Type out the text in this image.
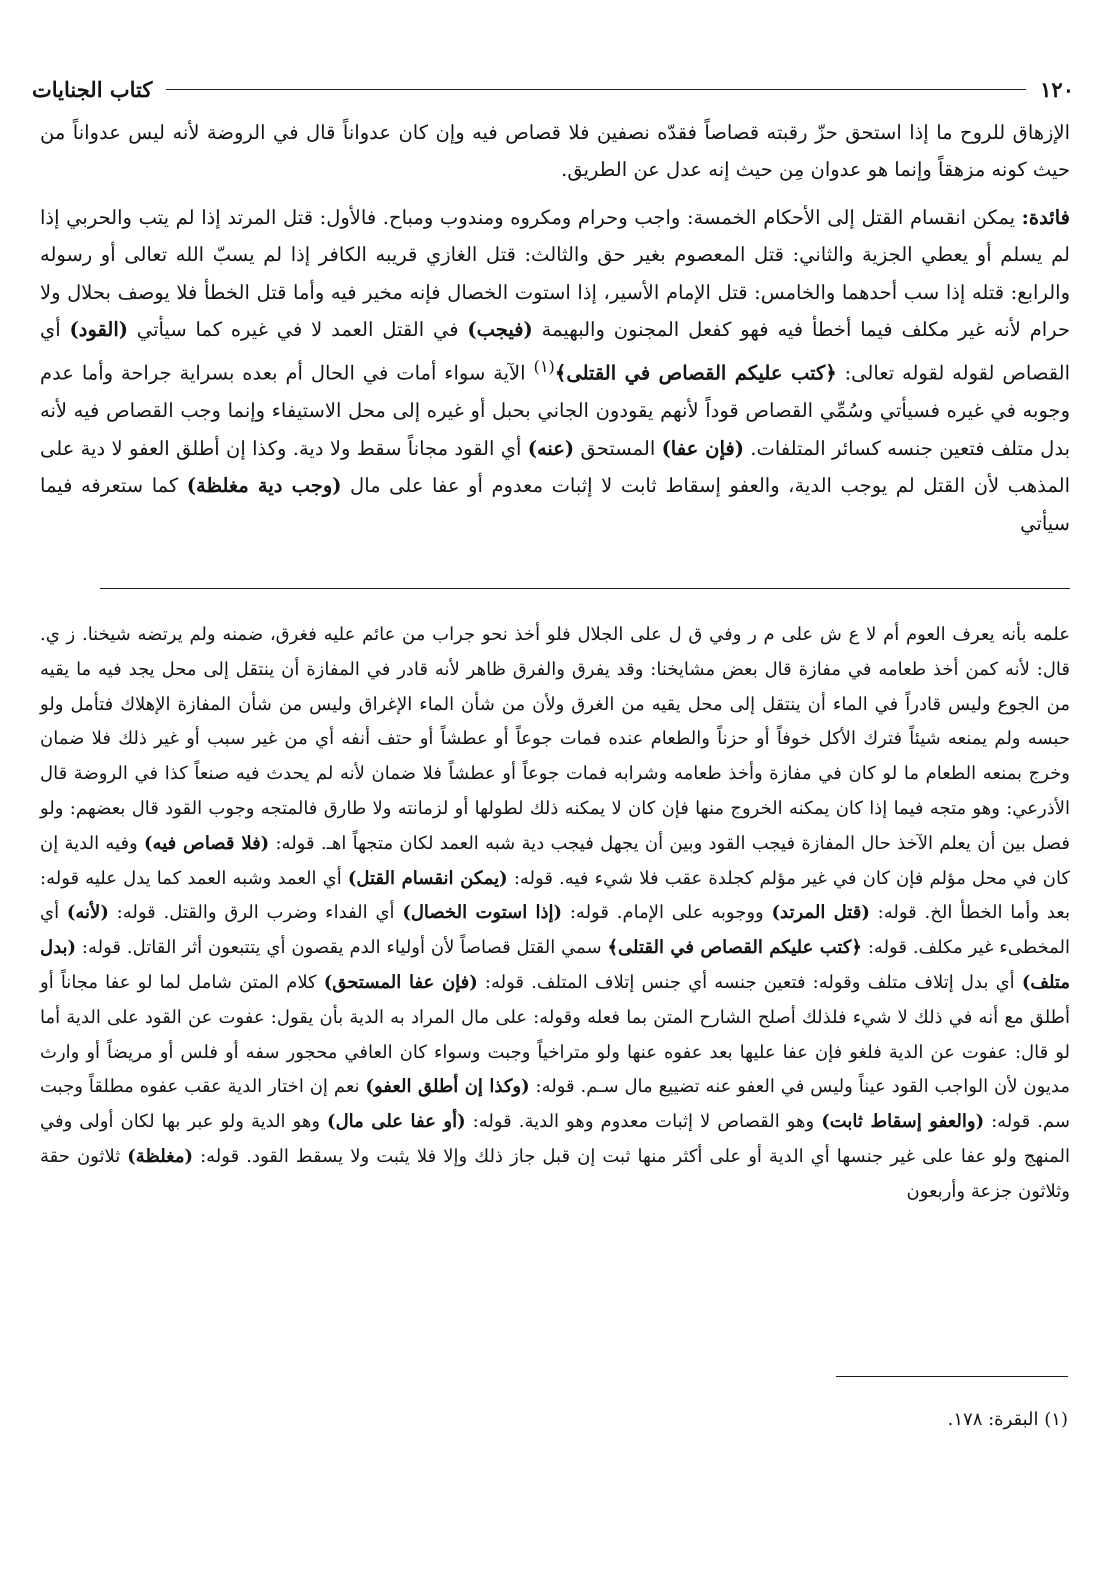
١٢٠
كتاب الجنايات

الإزهاق للروح ما إذا استحق حزّ رقبته قصاصاً فقدّه نصفين فلا قصاص فيه وإن كان عدواناً قال في الروضة لأنه ليس عدواناً من حيث كونه مزهقاً وإنما هو عدوان مِن حيث إنه عدل عن الطريق.

فائدة: يمكن انقسام القتل إلى الأحكام الخمسة: واجب وحرام ومكروه ومندوب ومباح. فالأول: قتل المرتد إذا لم يتب والحربي إذا لم يسلم أو يعطي الجزية والثاني: قتل المعصوم بغير حق والثالث: قتل الغازي قريبه الكافر إذا لم يسبّ الله تعالى أو رسوله والرابع: قتله إذا سب أحدهما والخامس: قتل الإمام الأسير، إذا استوت الخصال فإنه مخير فيه وأما قتل الخطأ فلا يوصف بحلال ولا حرام لأنه غير مكلف فيما أخطأ فيه فهو كفعل المجنون والبهيمة (فيجب) في القتل العمد لا في غيره كما سيأتي (القود) أي القصاص لقوله لقوله تعالى: ﴿كتب عليكم القصاص في القتلى﴾$^{(١)}$ الآية سواء أمات في الحال أم بعده بسراية جراحة وأما عدم وجوبه في غيره فسيأتي وسُمِّي القصاص قوداً لأنهم يقودون الجاني بحبل أو غيره إلى محل الاستيفاء وإنما وجب القصاص فيه لأنه بدل متلف فتعين جنسه كسائر المتلفات. (فإن عفا) المستحق (عنه) أي القود مجاناً سقط ولا دية. وكذا إن أطلق العفو لا دية على المذهب لأن القتل لم يوجب الدية، والعفو إسقاط ثابت لا إثبات معدوم أو عفا على مال (وجب دية مغلظة) كما ستعرفه فيما سيأتي

علمه بأنه يعرف العوم أم لا ع ش على م ر وفي ق ل على الجلال فلو أخذ نحو جراب من عائم عليه فغرق، ضمنه ولم يرتضه شيخنا. ز ي. قال: لأنه كمن أخذ طعامه في مفازة قال بعض مشايخنا: وقد يفرق والفرق ظاهر لأنه قادر في المفازة أن ينتقل إلى محل يجد فيه ما يقيه من الجوع وليس قادراً في الماء أن ينتقل إلى محل يقيه من الغرق ولأن من شأن الماء الإغراق وليس من شأن المفازة الإهلاك فتأمل ولو حبسه ولم يمنعه شيئاً فترك الأكل خوفاً أو حزناً والطعام عنده فمات جوعاً أو عطشاً أو حتف أنفه أي من غير سبب أو غير ذلك فلا ضمان وخرج بمنعه الطعام ما لو كان في مفازة وأخذ طعامه وشرابه فمات جوعاً أو عطشاً فلا ضمان لأنه لم يحدث فيه صنعاً كذا في الروضة قال الأذرعي: وهو متجه فيما إذا كان يمكنه الخروج منها فإن كان لا يمكنه ذلك لطولها أو لزمانته ولا طارق فالمتجه وجوب القود قال بعضهم: ولو فصل بين أن يعلم الآخذ حال المفازة فيجب القود وبين أن يجهل فيجب دية شبه العمد لكان متجهاً اهـ. قوله: (فلا قصاص فيه) وفيه الدية إن كان في محل مؤلم فإن كان في غير مؤلم كجلدة عقب فلا شيء فيه. قوله: (يمكن انقسام القتل) أي العمد وشبه العمد كما يدل عليه قوله: بعد وأما الخطأ الخ. قوله: (قتل المرتد) ووجوبه على الإمام. قوله: (إذا استوت الخصال) أي الفداء وضرب الرق والقتل. قوله: (لأنه) أي المخطىء غير مكلف. قوله: ﴿كتب عليكم القصاص في القتلى﴾ سمي القتل قصاصاً لأن أولياء الدم يقصون أي يتتبعون أثر القاتل. قوله: (بدل متلف) أي بدل إتلاف متلف وقوله: فتعين جنسه أي جنس إتلاف المتلف. قوله: (فإن عفا المستحق) كلام المتن شامل لما لو عفا مجاناً أو أطلق مع أنه في ذلك لا شيء فلذلك أصلح الشارح المتن بما فعله وقوله: على مال المراد به الدية بأن يقول: عفوت عن القود على الدية أما لو قال: عفوت عن الدية فلغو فإن عفا عليها بعد عفوه عنها ولو متراخياً وجبت وسواء كان العافي محجور سفه أو فلس أو مريضاً أو وارث مديون لأن الواجب القود عيناً وليس في العفو عنه تضييع مال سـم. قوله: (وكذا إن أطلق العفو) نعم إن اختار الدية عقب عفوه مطلقاً وجبت سم. قوله: (والعفو إسقاط ثابت) وهو القصاص لا إثبات معدوم وهو الدية. قوله: (أو عفا على مال) وهو الدية ولو عبر بها لكان أولى وفي المنهج ولو عفا على غير جنسها أي الدية أو على أكثر منها ثبت إن قبل جاز ذلك وإلا فلا يثبت ولا يسقط القود. قوله: (مغلظة) ثلاثون حقة وثلاثون جزعة وأربعون

(١) البقرة: ١٧٨.
